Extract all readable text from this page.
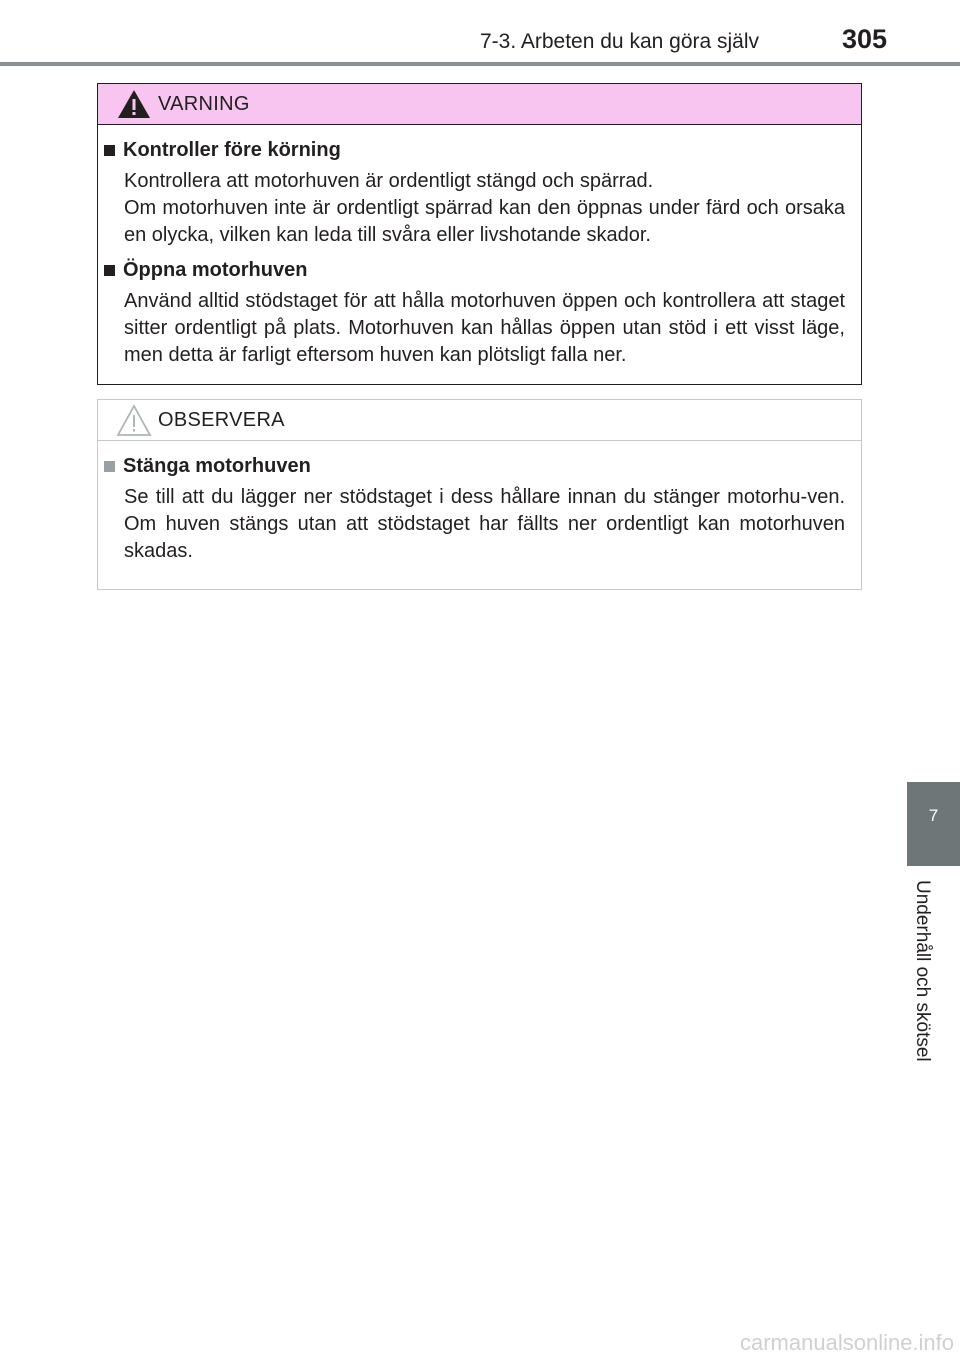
7-3. Arbeten du kan göra själv	305
VARNING
Kontroller före körning

Kontrollera att motorhuven är ordentligt stängd och spärrad.

Om motorhuven inte är ordentligt spärrad kan den öppnas under färd och orsaka en olycka, vilken kan leda till svåra eller livshotande skador.

Öppna motorhuven

Använd alltid stödstaget för att hålla motorhuven öppen och kontrollera att staget sitter ordentligt på plats. Motorhuven kan hållas öppen utan stöd i ett visst läge, men detta är farligt eftersom huven kan plötsligt falla ner.

OBSERVERA
Stänga motorhuven

Se till att du lägger ner stödstaget i dess hållare innan du stänger motorhu-ven. Om huven stängs utan att stödstaget har fällts ner ordentligt kan motorhuven skadas.

7
Underhåll och skötsel
carmanualsonline.info
